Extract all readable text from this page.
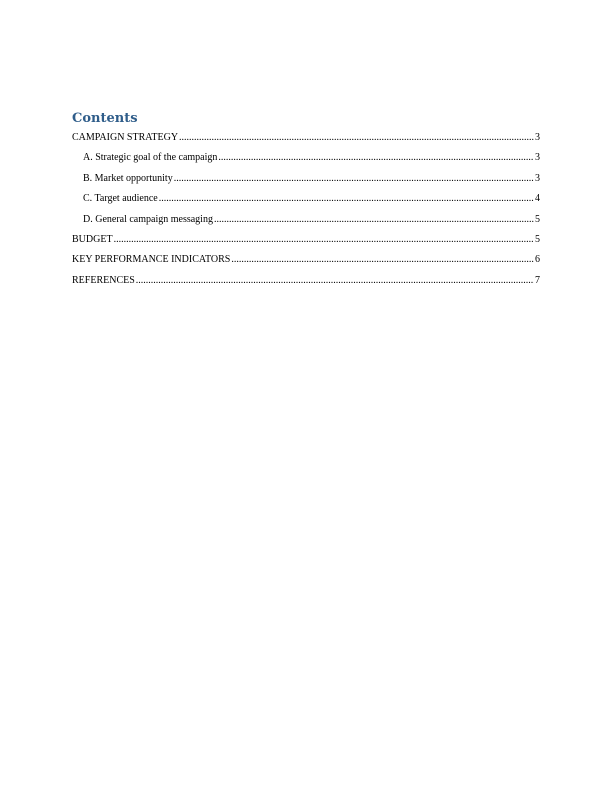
Contents
CAMPAIGN STRATEGY .....	3
A. Strategic goal of the campaign .....	3
B. Market opportunity .....	3
C. Target audience .....	4
D. General campaign messaging .....	5
BUDGET .....	5
KEY PERFORMANCE INDICATORS .....	6
REFERENCES .....	7
